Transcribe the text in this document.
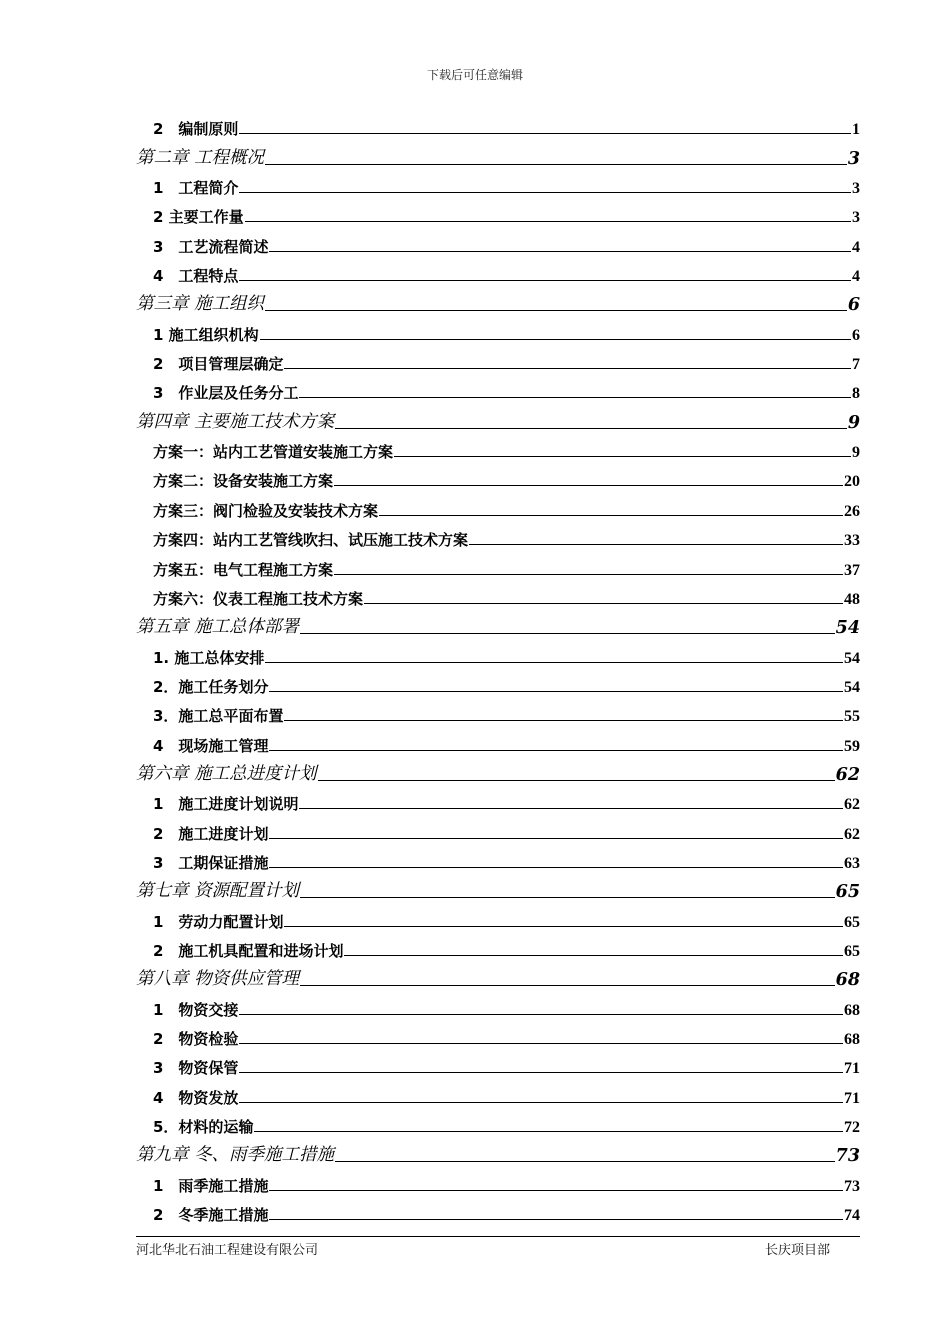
下载后可任意编辑
2　编制原则	1
第二章 工程概况	3
1　工程简介	3
2 主要工作量	3
3　工艺流程简述	4
4　工程特点	4
第三章 施工组织	6
1 施工组织机构	6
2　项目管理层确定	7
3　作业层及任务分工	8
第四章 主要施工技术方案	9
方案一：站内工艺管道安装施工方案	9
方案二：设备安装施工方案	20
方案三：阀门检验及安装技术方案	26
方案四：站内工艺管线吹扫、试压施工技术方案	33
方案五：电气工程施工方案	37
方案六：仪表工程施工技术方案	48
第五章 施工总体部署	54
1. 施工总体安排	54
2．施工任务划分	54
3．施工总平面布置	55
4　现场施工管理	59
第六章 施工总进度计划	62
1　施工进度计划说明	62
2　施工进度计划	62
3　工期保证措施	63
第七章 资源配置计划	65
1　劳动力配置计划	65
2　施工机具配置和进场计划	65
第八章 物资供应管理	68
1　物资交接	68
2　物资检验	68
3　物资保管	71
4　物资发放	71
5．材料的运输	72
第九章 冬、雨季施工措施	73
1　雨季施工措施	73
2　冬季施工措施	74
河北华北石油工程建设有限公司	长庆项目部
